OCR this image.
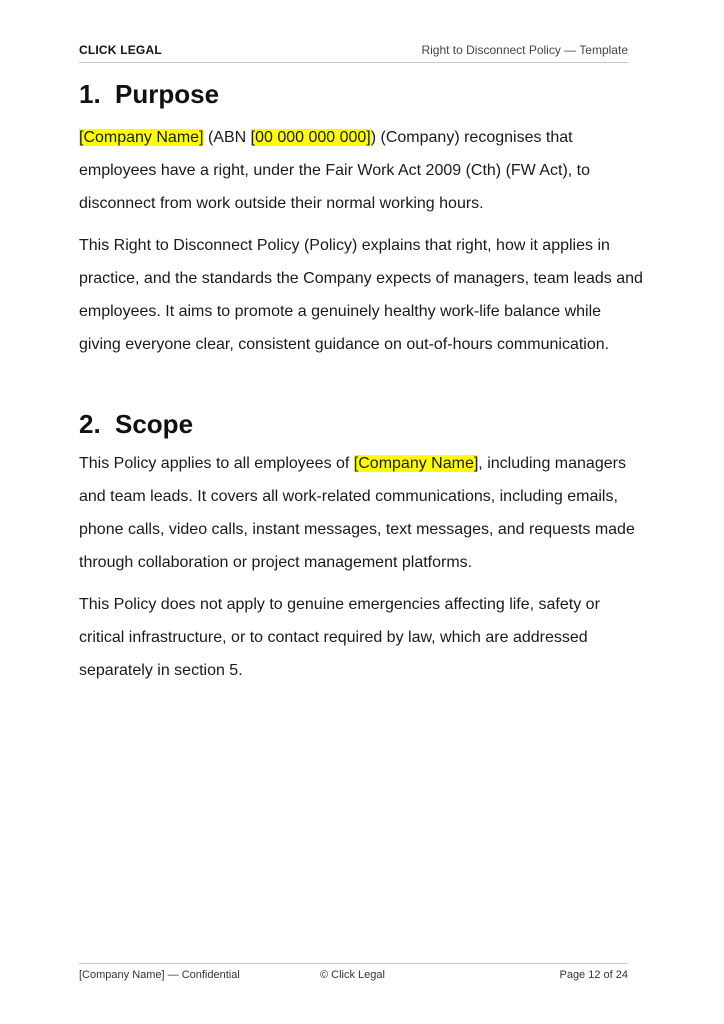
CLICK LEGAL	Right to Disconnect Policy — Template
1. Purpose

[Company Name] (ABN [00 000 000 000]) (Company) recognises that employees have a right, under the Fair Work Act 2009 (Cth) (FW Act), to disconnect from work outside their normal working hours.

This Right to Disconnect Policy (Policy) explains that right, how it applies in practice, and the standards the Company expects of managers, team leads and employees. It aims to promote a genuinely healthy work-life balance while giving everyone clear, consistent guidance on out-of-hours communication.

2. Scope

This Policy applies to all employees of [Company Name], including managers and team leads. It covers all work-related communications, including emails, phone calls, video calls, instant messages, text messages, and requests made through collaboration or project management platforms.

This Policy does not apply to genuine emergencies affecting life, safety or critical infrastructure, or to contact required by law, which are addressed separately in section 5.

[Company Name] — Confidential	© Click Legal	Page 12 of 24
